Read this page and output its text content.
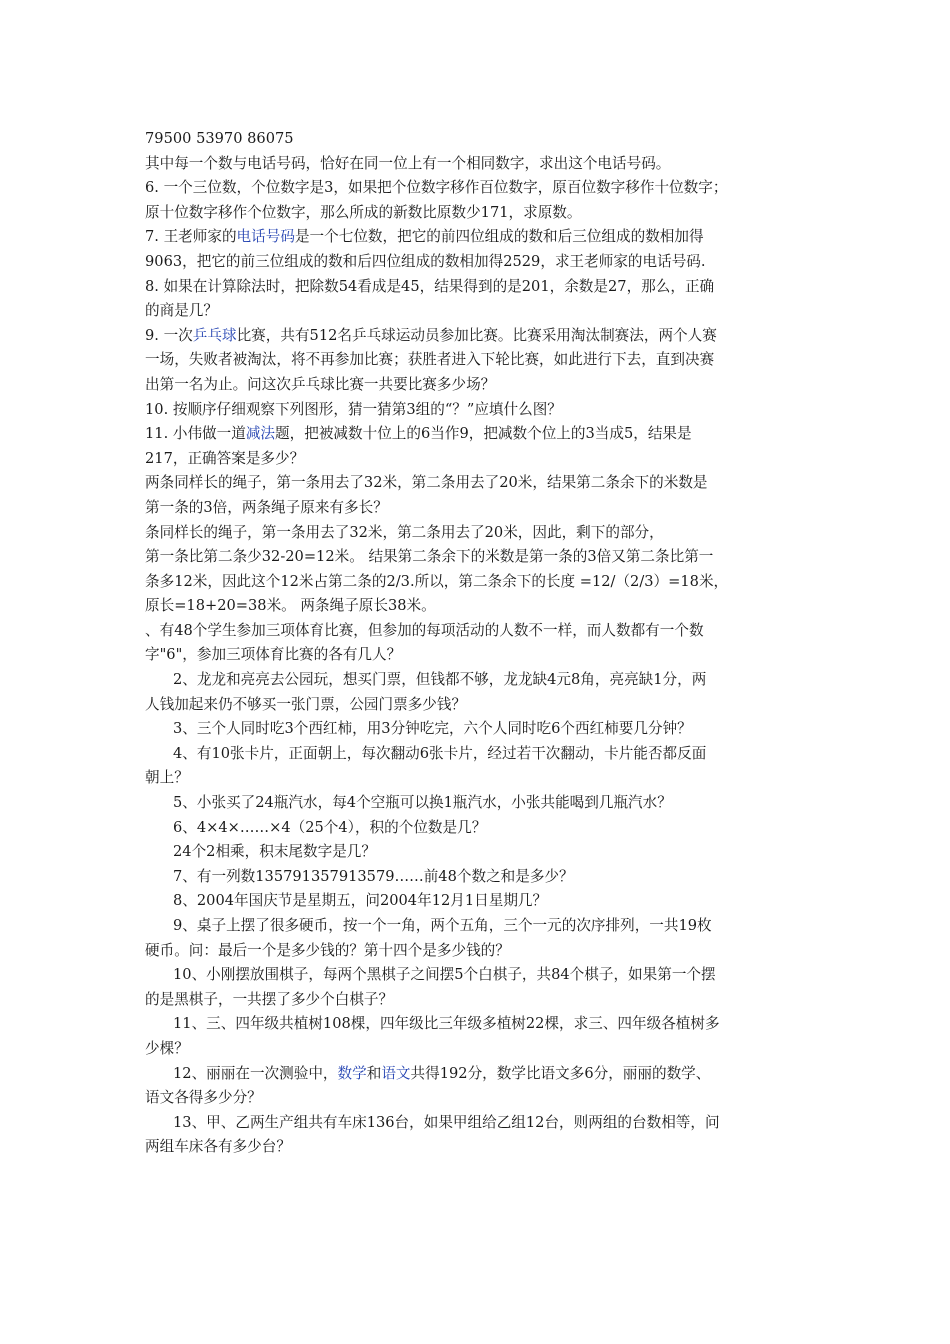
79500 53970 86075
其中每一个数与电话号码，恰好在同一位上有一个相同数字，求出这个电话号码。
6. 一个三位数，个位数字是3，如果把个位数字移作百位数字，原百位数字移作十位数字；
原十位数字移作个位数字，那么所成的新数比原数少171，求原数。
7. 王老师家的电话号码是一个七位数，把它的前四位组成的数和后三位组成的数相加得
9063，把它的前三位组成的数和后四位组成的数相加得2529，求王老师家的电话号码.
8. 如果在计算除法时，把除数54看成是45，结果得到的是201，余数是27，那么，正确
的商是几？
9. 一次乒乓球比赛，共有512名乒乓球运动员参加比赛。比赛采用淘汰制赛法，两个人赛
一场，失败者被淘汰，将不再参加比赛；获胜者进入下轮比赛，如此进行下去，直到决赛
出第一名为止。问这次乒乓球比赛一共要比赛多少场？
10. 按顺序仔细观察下列图形，猜一猜第3组的“？”应填什么图？
11. 小伟做一道减法题，把被减数十位上的6当作9，把减数个位上的3当成5，结果是
217，正确答案是多少？
两条同样长的绳子，第一条用去了32米，第二条用去了20米，结果第二条余下的米数是
第一条的3倍，两条绳子原来有多长？
条同样长的绳子，第一条用去了32米，第二条用去了20米，因此，剩下的部分，
第一条比第二条少32-20=12米。 结果第二条余下的米数是第一条的3倍又第二条比第一
条多12米，因此这个12米占第二条的2/3.所以，第二条余下的长度 =12/（2/3）=18米，
原长=18+20=38米。 两条绳子原长38米。
、有48个学生参加三项体育比赛，但参加的每项活动的人数不一样，而人数都有一个数
字"6"，参加三项体育比赛的各有几人？
2、龙龙和亮亮去公园玩，想买门票，但钱都不够，龙龙缺4元8角，亮亮缺1分，两
人钱加起来仍不够买一张门票，公园门票多少钱？
3、三个人同时吃3个西红柿，用3分钟吃完，六个人同时吃6个西红柿要几分钟？
4、有10张卡片，正面朝上，每次翻动6张卡片，经过若干次翻动，卡片能否都反面
朝上？
5、小张买了24瓶汽水，每4个空瓶可以换1瓶汽水，小张共能喝到几瓶汽水？
6、4×4×……×4（25个4），积的个位数是几？
24个2相乘，积末尾数字是几？
7、有一列数135791357913579……前48个数之和是多少？
8、2004年国庆节是星期五，问2004年12月1日星期几？
9、桌子上摆了很多硬币，按一个一角，两个五角，三个一元的次序排列，一共19枚
硬币。问：最后一个是多少钱的？第十四个是多少钱的？
10、小刚摆放围棋子，每两个黑棋子之间摆5个白棋子，共84个棋子，如果第一个摆
的是黑棋子，一共摆了多少个白棋子？
11、三、四年级共植树108棵，四年级比三年级多植树22棵，求三、四年级各植树多
少棵？
12、丽丽在一次测验中，数学和语文共得192分，数学比语文多6分，丽丽的数学、
语文各得多少分？
13、甲、乙两生产组共有车床136台，如果甲组给乙组12台，则两组的台数相等，问
两组车床各有多少台？
